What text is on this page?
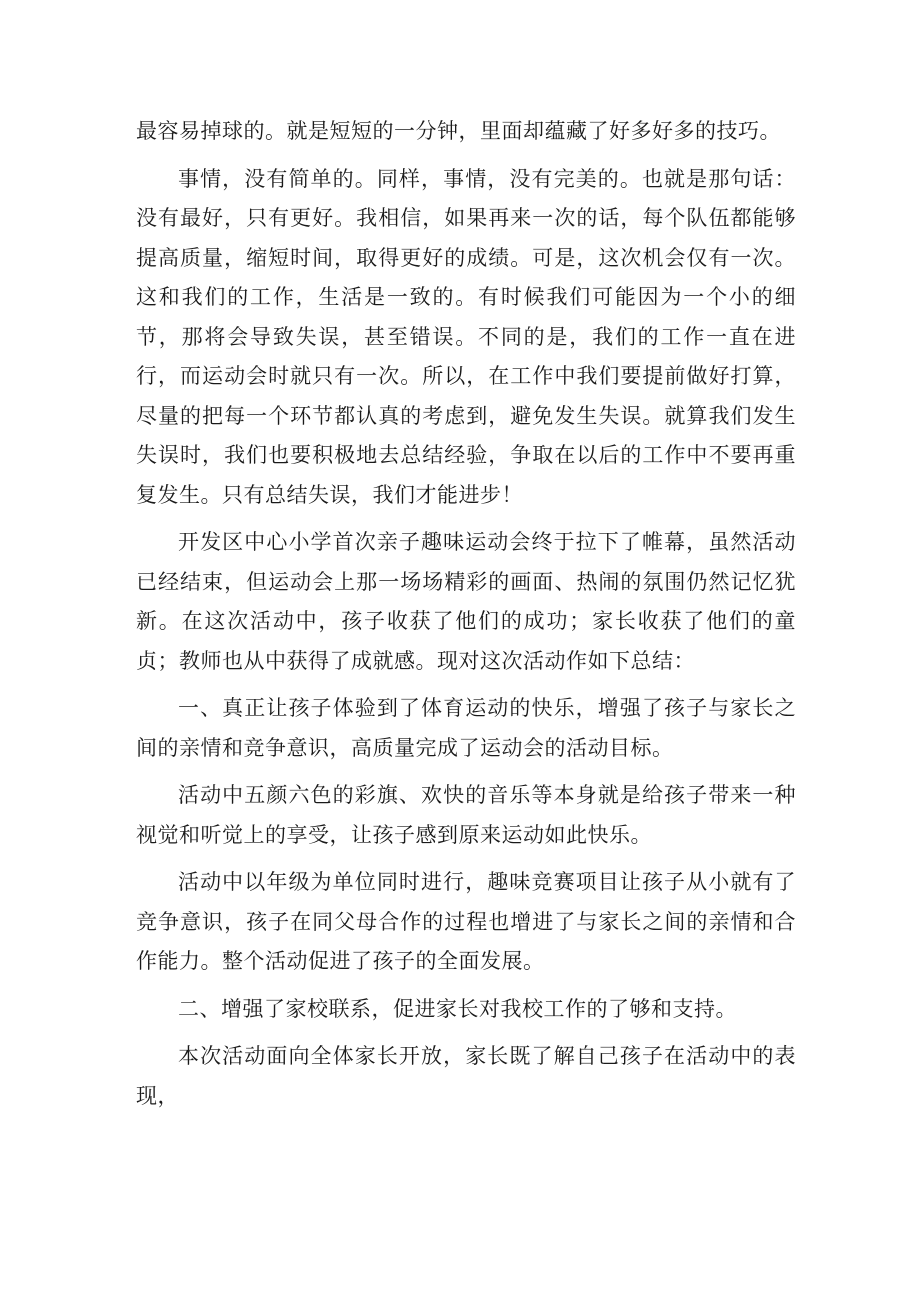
最容易掉球的。就是短短的一分钟，里面却蕴藏了好多好多的技巧。

事情，没有简单的。同样，事情，没有完美的。也就是那句话：没有最好，只有更好。我相信，如果再来一次的话，每个队伍都能够提高质量，缩短时间，取得更好的成绩。可是，这次机会仅有一次。这和我们的工作，生活是一致的。有时候我们可能因为一个小的细节，那将会导致失误，甚至错误。不同的是，我们的工作一直在进行，而运动会时就只有一次。所以，在工作中我们要提前做好打算，尽量的把每一个环节都认真的考虑到，避免发生失误。就算我们发生失误时，我们也要积极地去总结经验，争取在以后的工作中不要再重复发生。只有总结失误，我们才能进步！

开发区中心小学首次亲子趣味运动会终于拉下了帷幕，虽然活动已经结束，但运动会上那一场场精彩的画面、热闹的氛围仍然记忆犹新。在这次活动中，孩子收获了他们的成功；家长收获了他们的童贞；教师也从中获得了成就感。现对这次活动作如下总结：

一、真正让孩子体验到了体育运动的快乐，增强了孩子与家长之间的亲情和竞争意识，高质量完成了运动会的活动目标。

活动中五颜六色的彩旗、欢快的音乐等本身就是给孩子带来一种视觉和听觉上的享受，让孩子感到原来运动如此快乐。

活动中以年级为单位同时进行，趣味竞赛项目让孩子从小就有了竞争意识，孩子在同父母合作的过程也增进了与家长之间的亲情和合作能力。整个活动促进了孩子的全面发展。

二、增强了家校联系，促进家长对我校工作的了够和支持。

本次活动面向全体家长开放，家长既了解自己孩子在活动中的表现，
